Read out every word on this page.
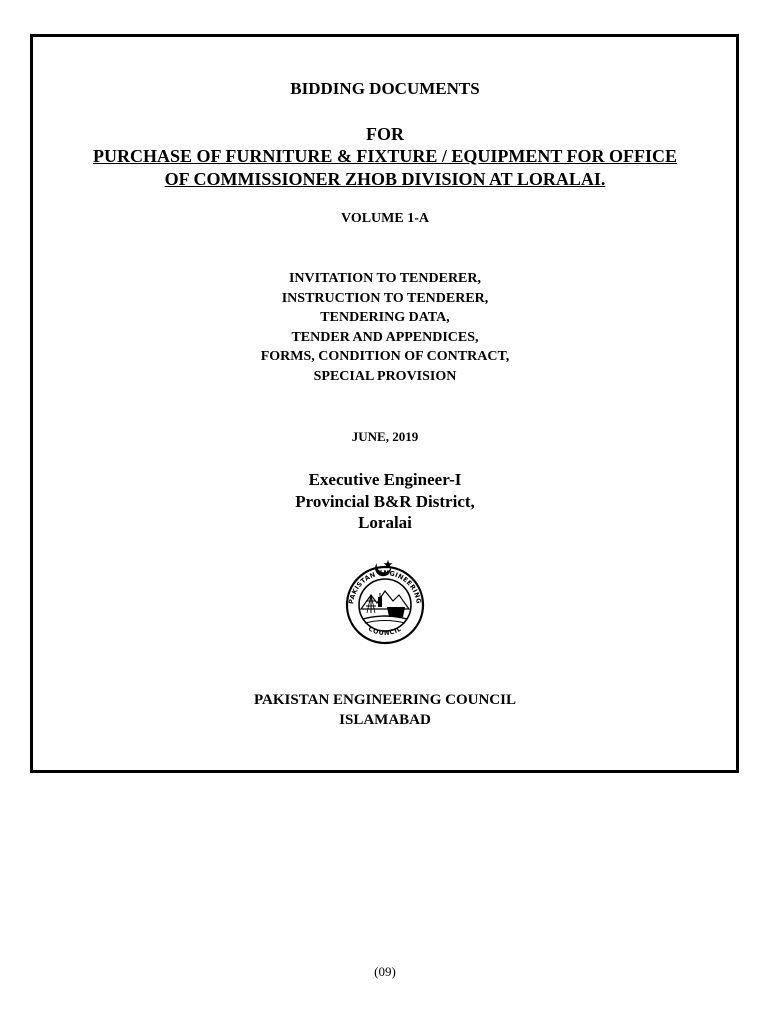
BIDDING DOCUMENTS
FOR
PURCHASE OF FURNITURE & FIXTURE / EQUIPMENT FOR OFFICE
OF COMMISSIONER ZHOB DIVISION AT LORALAI.
VOLUME 1-A
INVITATION TO TENDERER,
INSTRUCTION TO TENDERER,
TENDERING DATA,
TENDER AND APPENDICES,
FORMS, CONDITION OF CONTRACT,
SPECIAL PROVISION
JUNE, 2019
Executive Engineer-I
Provincial B&R District,
Loralai
PAKISTAN ENGINEERING
COUNCIL
PAKISTAN ENGINEERING COUNCIL
ISLAMABAD
(09)
